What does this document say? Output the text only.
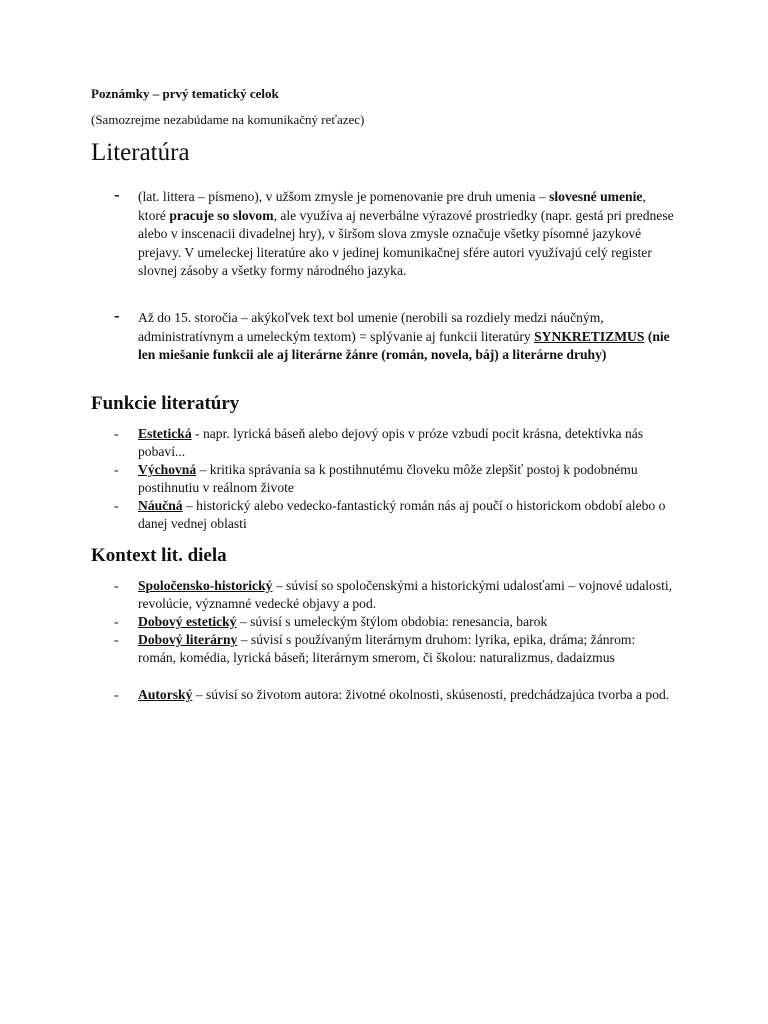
Poznámky – prvý tematický celok
(Samozrejme nezabúdame na komunikačný reťazec)
Literatúra
- (lat. littera – písmeno), v užšom zmysle je pomenovanie pre druh umenia – slovesné umenie, ktoré pracuje so slovom, ale využíva aj neverbálne výrazové prostriedky (napr. gestá pri prednese alebo v inscenacii divadelnej hry), v širšom slova zmysle označuje všetky písomné jazykové prejavy. V umeleckej literatúre ako v jedinej komunikačnej sfére autori využívajú celý register slovnej zásoby a všetky formy národného jazyka.
- Až do 15. storočia – akýkoľvek text bol umenie (nerobili sa rozdiely medzi náučným, administratívnym a umeleckým textom) = splývanie aj funkcii literatúry SYNKRETIZMUS (nie len miešanie funkcii ale aj literárne žánre (román, novela, báj) a literárne druhy)
Funkcie literatúry
- Estetická - napr. lyrická báseň alebo dejový opis v próze vzbudí pocit krásna, detektívka nás pobaví...
- Výchovná – kritika správania sa k postihnutému človeku môže zlepšiť postoj k podobnému postihnutiu v reálnom živote
- Náučná – historický alebo vedecko-fantastický román nás aj poučí o historickom období alebo o danej vednej oblasti
Kontext lit. diela
- Spoločensko-historický – súvisí so spoločenskými a historickými udalosťami – vojnové udalosti, revolúcie, významné vedecké objavy a pod.
- Dobový estetický – súvisí s umeleckým štýlom obdobia: renesancia, barok
- Dobový literárny – súvisí s používaným literárnym druhom: lyrika, epika, dráma; žánrom: román, komédia, lyrická báseň; literárnym smerom, či školou: naturalizmus, dadaizmus
- Autorský – súvisí so životom autora: životné okolnosti, skúsenosti, predchádzajúca tvorba a pod.
